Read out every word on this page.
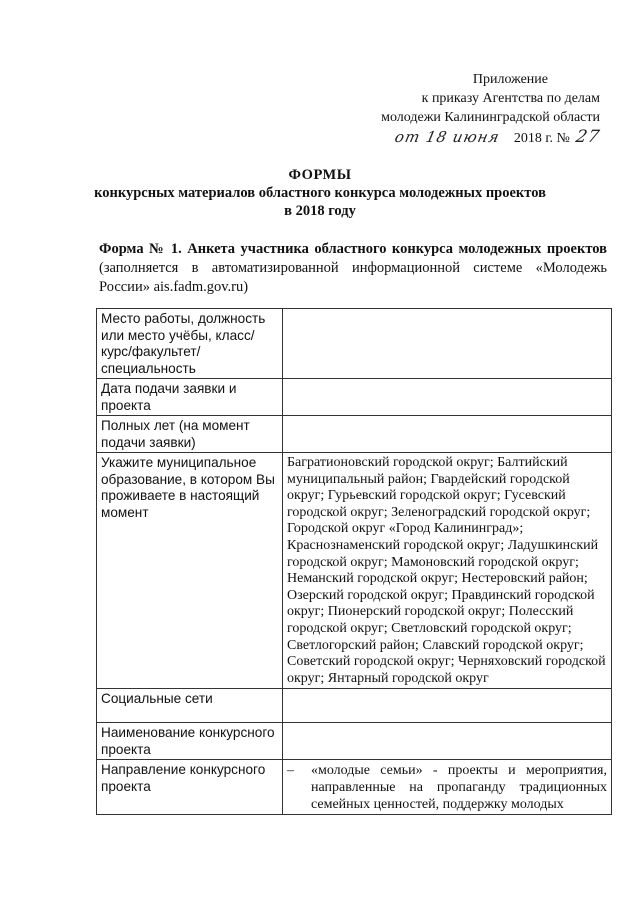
Приложение
к приказу Агентства по делам
молодежи Калининградской области
от 18 июня 2018 г. № 27
ФОРМЫ
конкурсных материалов областного конкурса молодежных проектов
в 2018 году
Форма № 1. Анкета участника областного конкурса молодежных проектов (заполняется в автоматизированной информационной системе «Молодежь России» ais.fadm.gov.ru)
Место работы, должность или место учёбы, класс/курс/факультет/ специальность	
Дата подачи заявки и проекта	
Полных лет (на момент подачи заявки)	
Укажите муниципальное образование, в котором Вы проживаете в настоящий момент	Багратионовский городской округ; Балтийский муниципальный район; Гвардейский городской округ; Гурьевский городской округ; Гусевский городской округ; Зеленоградский городской округ; Городской округ «Город Калининград»; Краснознаменский городской округ; Ладушкинский городской округ; Мамоновский городской округ; Неманский городской округ; Нестеровский район; Озерский городской округ; Правдинский городской округ; Пионерский городской округ; Полесский городской округ; Светловский городской округ; Светлогорский район; Славский городской округ; Советский городской округ; Черняховский городской округ; Янтарный городской округ
Социальные сети	
Наименование конкурсного проекта	
Направление конкурсного проекта	– «молодые семьи» - проекты и мероприятия, направленные на пропаганду традиционных семейных ценностей, поддержку молодых
